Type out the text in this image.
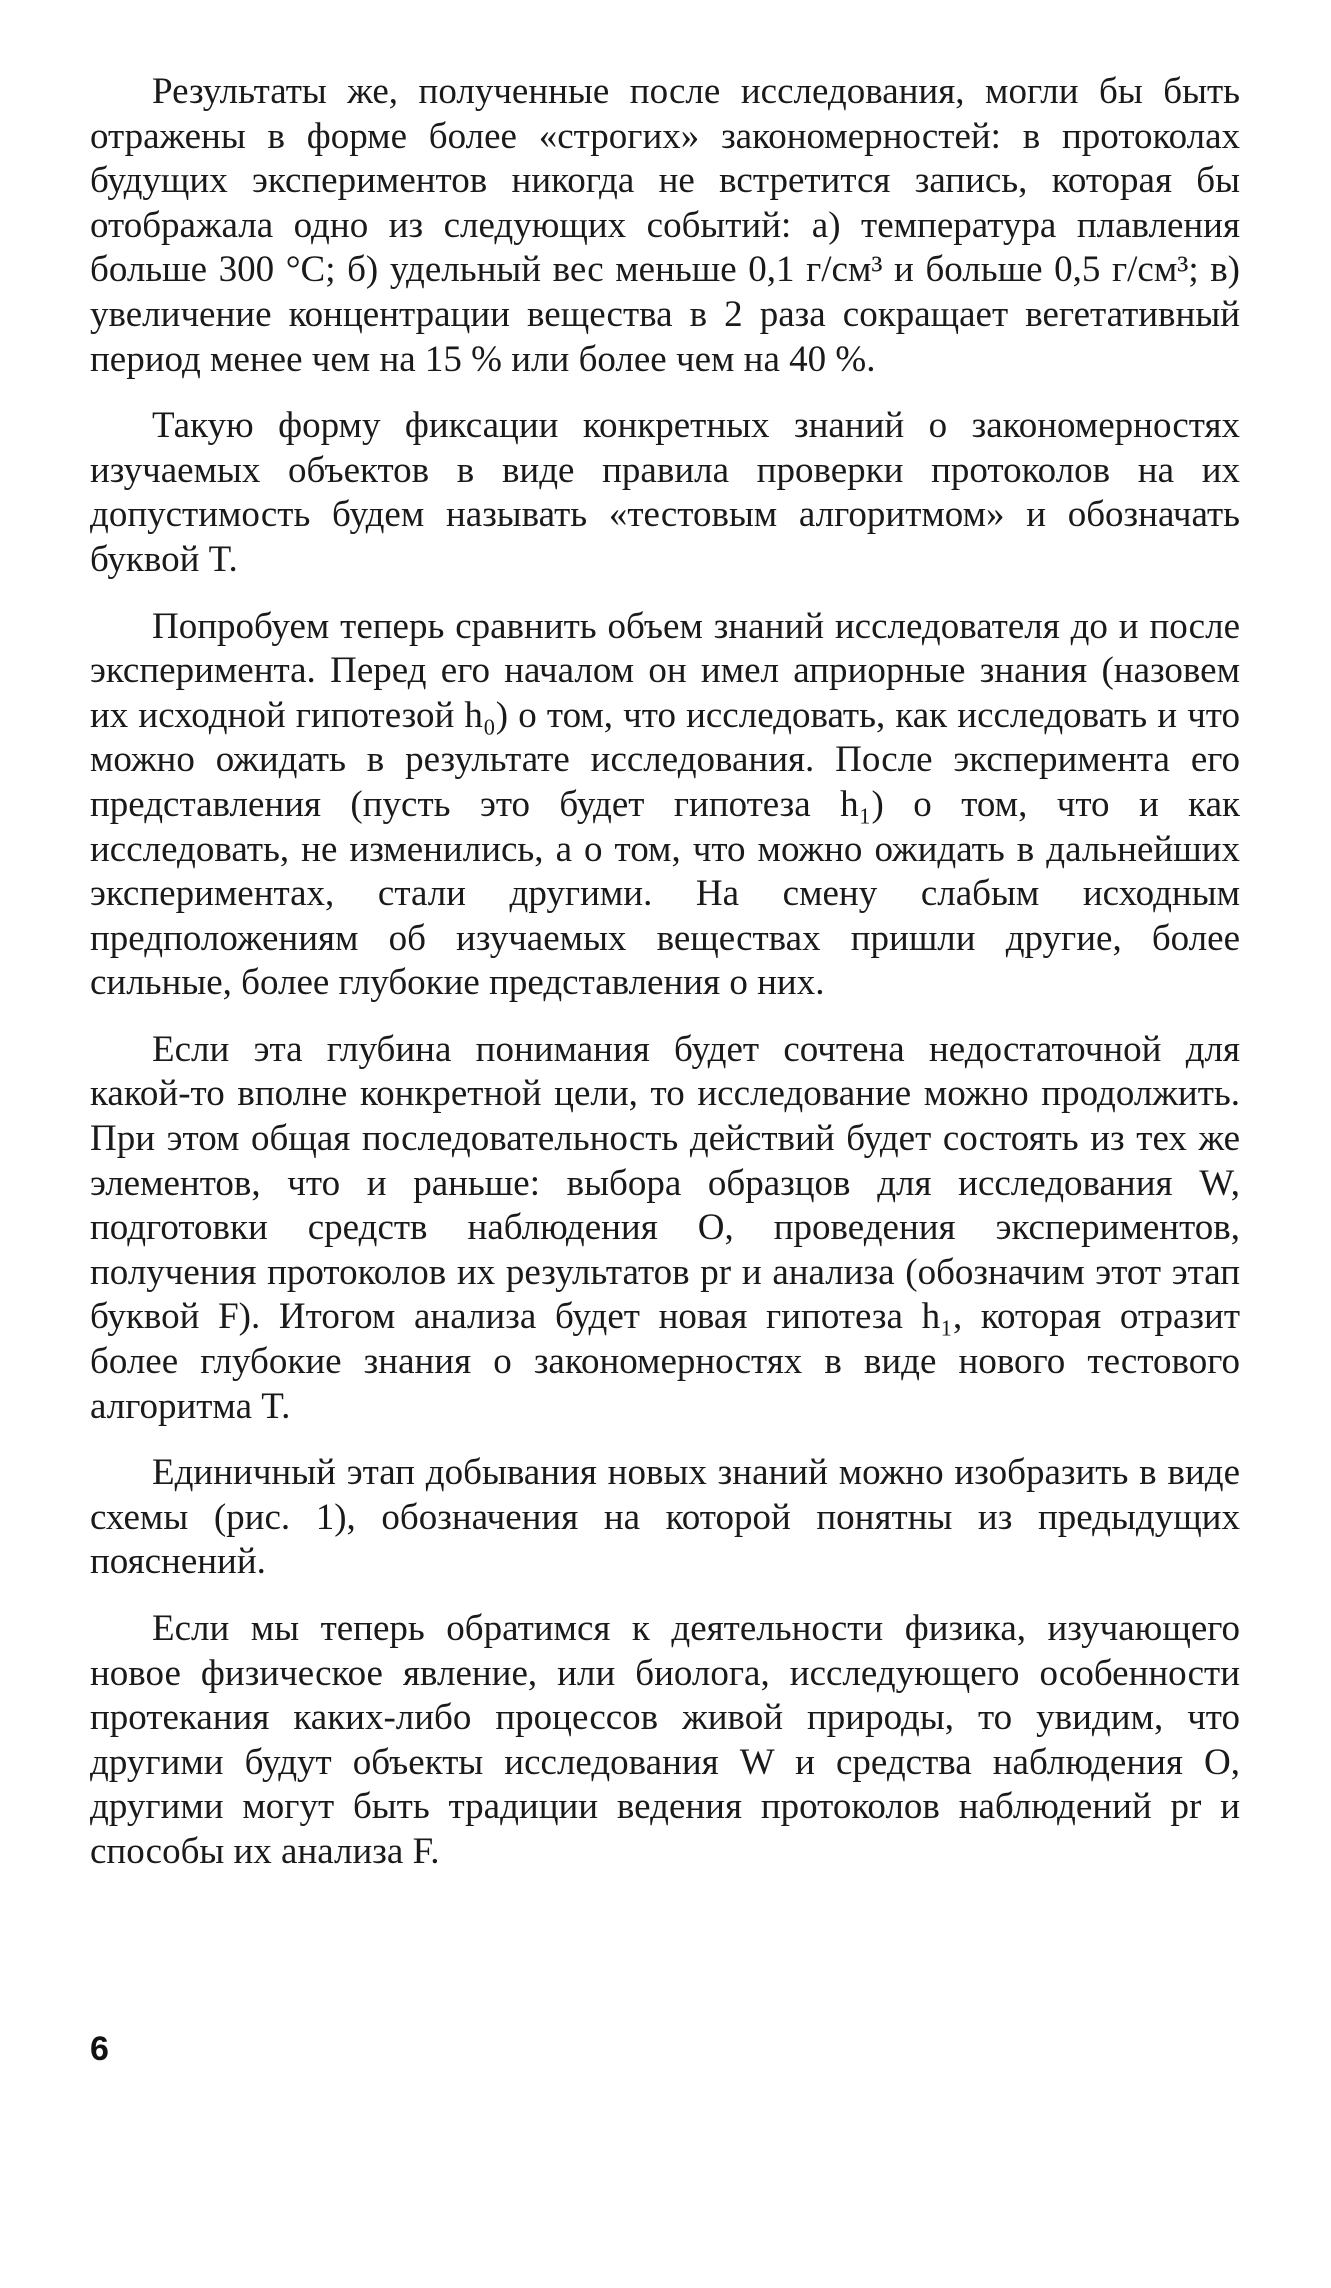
Результаты же, полученные после исследования, могли бы быть отражены в форме более «строгих» закономерностей: в протоколах будущих экспериментов никогда не встретится запись, которая бы отображала одно из следующих событий: а) температура плавления больше 300 °С; б) удельный вес меньше 0,1 г/см³ и больше 0,5 г/см³; в) увеличение концентрации вещества в 2 раза сокращает вегетативный период менее чем на 15 % или более чем на 40 %.

Такую форму фиксации конкретных знаний о закономерностях изучаемых объектов в виде правила проверки протоколов на их допустимость будем называть «тестовым алгоритмом» и обозначать буквой T.

Попробуем теперь сравнить объем знаний исследователя до и после эксперимента. Перед его началом он имел априорные знания (назовем их исходной гипотезой h₀) о том, что исследовать, как исследовать и что можно ожидать в результате исследования. После эксперимента его представления (пусть это будет гипотеза h₁) о том, что и как исследовать, не изменились, а о том, что можно ожидать в дальнейших экспериментах, стали другими. На смену слабым исходным предположениям об изучаемых веществах пришли другие, более сильные, более глубокие представления о них.

Если эта глубина понимания будет сочтена недостаточной для какой-то вполне конкретной цели, то исследование можно продолжить. При этом общая последовательность действий будет состоять из тех же элементов, что и раньше: выбора образцов для исследования W, подготовки средств наблюдения O, проведения экспериментов, получения протоколов их результатов pr и анализа (обозначим этот этап буквой F). Итогом анализа будет новая гипотеза h₁, которая отразит более глубокие знания о закономерностях в виде нового тестового алгоритма T.

Единичный этап добывания новых знаний можно изобразить в виде схемы (рис. 1), обозначения на которой понятны из предыдущих пояснений.

Если мы теперь обратимся к деятельности физика, изучающего новое физическое явление, или биолога, исследующего особенности протекания каких-либо процессов живой природы, то увидим, что другими будут объекты исследования W и средства наблюдения O, другими могут быть традиции ведения протоколов наблюдений pr и способы их анализа F.

6
